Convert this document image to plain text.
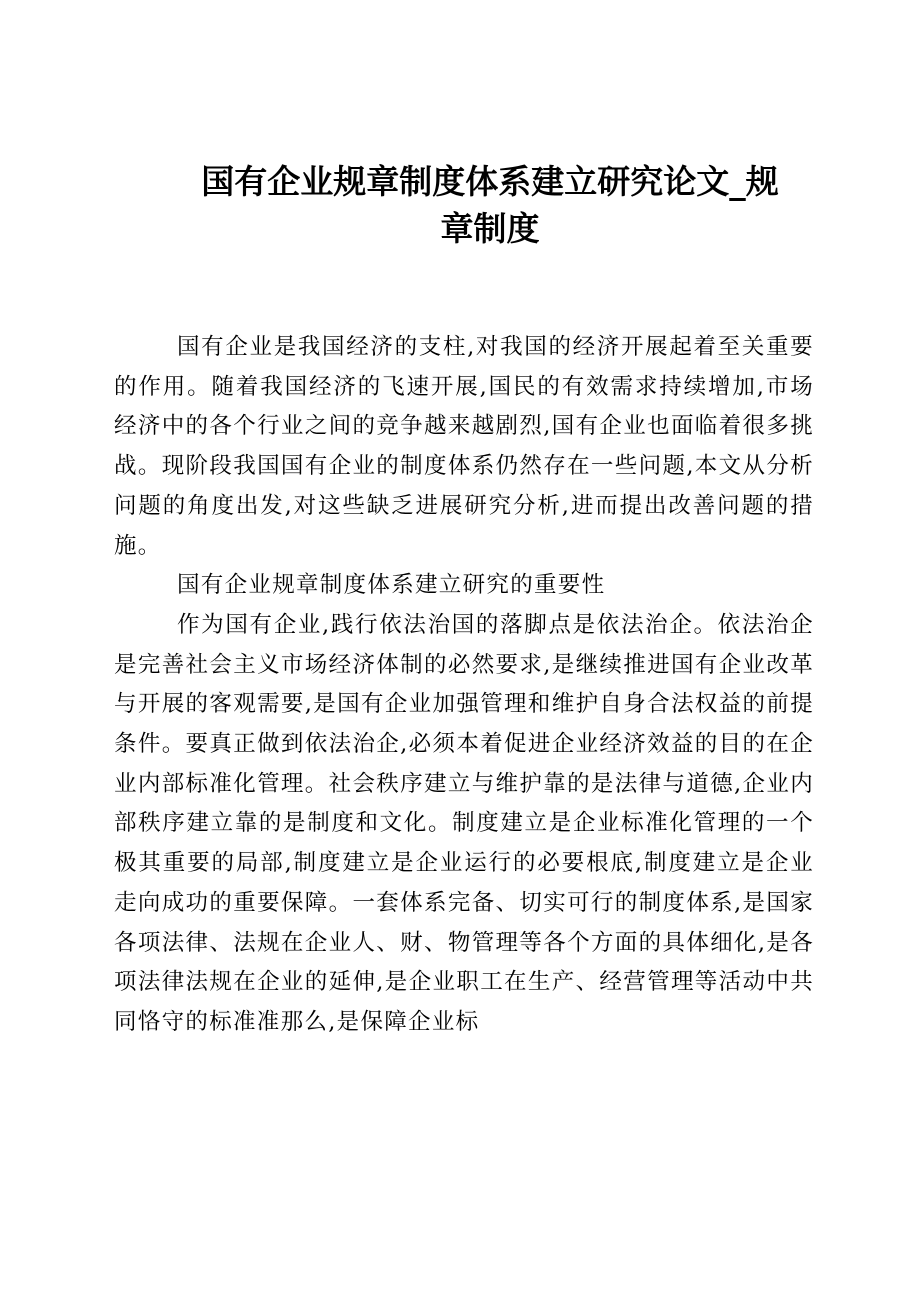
国有企业规章制度体系建立研究论文_规
章制度

国有企业是我国经济的支柱,对我国的经济开展起着至关重要的作用。随着我国经济的飞速开展,国民的有效需求持续增加,市场经济中的各个行业之间的竞争越来越剧烈,国有企业也面临着很多挑战。现阶段我国国有企业的制度体系仍然存在一些问题,本文从分析问题的角度出发,对这些缺乏进展研究分析,进而提出改善问题的措施。

国有企业规章制度体系建立研究的重要性

作为国有企业,践行依法治国的落脚点是依法治企。依法治企是完善社会主义市场经济体制的必然要求,是继续推进国有企业改革与开展的客观需要,是国有企业加强管理和维护自身合法权益的前提条件。要真正做到依法治企,必须本着促进企业经济效益的目的在企业内部标准化管理。社会秩序建立与维护靠的是法律与道德,企业内部秩序建立靠的是制度和文化。制度建立是企业标准化管理的一个极其重要的局部,制度建立是企业运行的必要根底,制度建立是企业走向成功的重要保障。一套体系完备、切实可行的制度体系,是国家各项法律、法规在企业人、财、物管理等各个方面的具体细化,是各项法律法规在企业的延伸,是企业职工在生产、经营管理等活动中共同恪守的标准准那么,是保障企业标
